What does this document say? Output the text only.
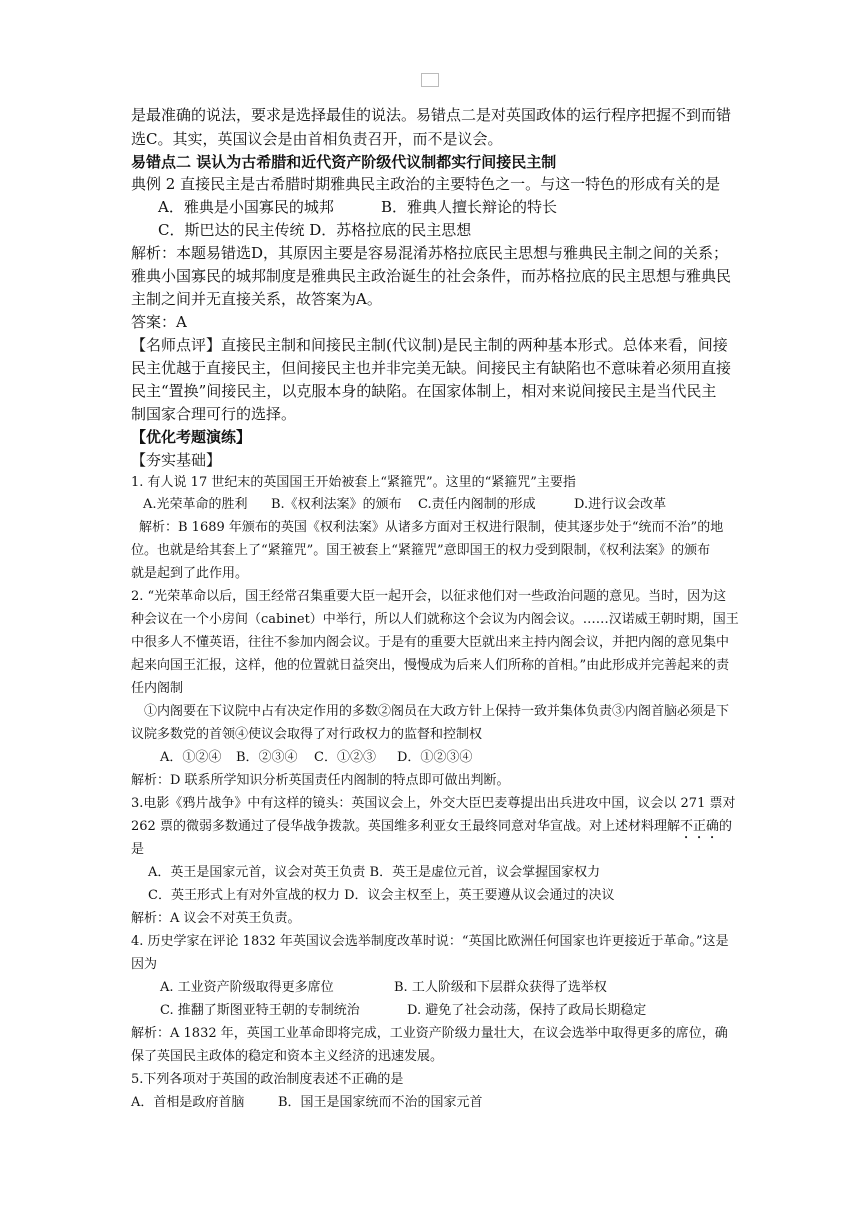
是最准确的说法，要求是选择最佳的说法。易错点二是对英国政体的运行程序把握不到而错
选C。其实，英国议会是由首相负责召开，而不是议会。
易错点二 误认为古希腊和近代资产阶级代议制都实行间接民主制
典例 2 直接民主是古希腊时期雅典民主政治的主要特色之一。与这一特色的形成有关的是
A．雅典是小国寡民的城邦	B．雅典人擅长辩论的特长
C．斯巴达的民主传统 D．苏格拉底的民主思想
解析：本题易错选D，其原因主要是容易混淆苏格拉底民主思想与雅典民主制之间的关系；
雅典小国寡民的城邦制度是雅典民主政治诞生的社会条件，而苏格拉底的民主思想与雅典民
主制之间并无直接关系，故答案为A。
答案：A
【名师点评】直接民主制和间接民主制(代议制)是民主制的两种基本形式。总体来看，间接
民主优越于直接民主，但间接民主也并非完美无缺。间接民主有缺陷也不意味着必须用直接
民主“置换”间接民主，以克服本身的缺陷。在国家体制上，相对来说间接民主是当代民主
制国家合理可行的选择。
【优化考题演练】
【夯实基础】
1. 有人说 17 世纪末的英国国王开始被套上“紧箍咒”。这里的“紧箍咒”主要指
A.光荣革命的胜利 B.《权利法案》的颁布 C.责任内阁制的形成	D.进行议会改革
解析：B 1689 年颁布的英国《权利法案》从诸多方面对王权进行限制，使其逐步处于“统而不治”的地
位。也就是给其套上了“紧箍咒”。国王被套上“紧箍咒”意即国王的权力受到限制，《权利法案》的颁布
就是起到了此作用。
2. “光荣革命以后，国王经常召集重要大臣一起开会，以征求他们对一些政治问题的意见。当时，因为这
种会议在一个小房间（cabinet）中举行，所以人们就称这个会议为内阁会议。……汉诺威王朝时期，国王
中很多人不懂英语，往往不参加内阁会议。于是有的重要大臣就出来主持内阁会议，并把内阁的意见集中
起来向国王汇报，这样，他的位置就日益突出，慢慢成为后来人们所称的首相。”由此形成并完善起来的责
任内阁制
①内阁要在下议院中占有决定作用的多数②阁员在大政方针上保持一致并集体负责③内阁首脑必须是下
议院多数党的首领④使议会取得了对行政权力的监督和控制权
A．①②④ B．②③④ C．①②③ D．①②③④
解析：D 联系所学知识分析英国责任内阁制的特点即可做出判断。
3.电影《鸦片战争》中有这样的镜头：英国议会上，外交大臣巴麦尊提出出兵进攻中国，议会以 271 票对
262 票的微弱多数通过了侵华战争拨款。英国维多利亚女王最终同意对华宣战。对上述材料理解不正确的
是
A．英王是国家元首，议会对英王负责 B．英王是虚位元首，议会掌握国家权力
C．英王形式上有对外宣战的权力 D．议会主权至上，英王要遵从议会通过的决议
解析：A 议会不对英王负责。
4. 历史学家在评论 1832 年英国议会选举制度改革时说：“英国比欧洲任何国家也许更接近于革命。”这是
因为
A. 工业资产阶级取得更多席位	B. 工人阶级和下层群众获得了选举权
C. 推翻了斯图亚特王朝的专制统治	D. 避免了社会动荡，保持了政局长期稳定
解析：A 1832 年，英国工业革命即将完成，工业资产阶级力量壮大，在议会选举中取得更多的席位，确
保了英国民主政体的稳定和资本主义经济的迅速发展。
5.下列各项对于英国的政治制度表述不正确的是
A．首相是政府首脑	B．国王是国家统而不治的国家元首
